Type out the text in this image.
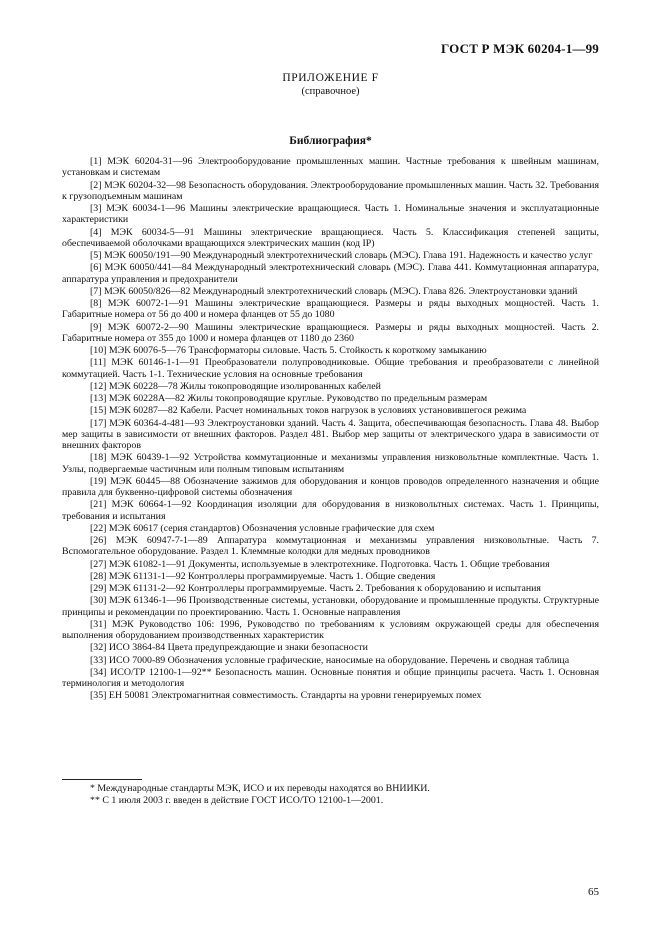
ГОСТ Р МЭК 60204-1—99
ПРИЛОЖЕНИЕ F
(справочное)
Библиография*

[1] МЭК 60204-31—96 Электрооборудование промышленных машин. Частные требования к швейным машинам, установкам и системам

[2] МЭК 60204-32—98 Безопасность оборудования. Электрооборудование промышленных машин. Часть 32. Требования к грузоподъемным машинам

[3] МЭК 60034-1—96 Машины электрические вращающиеся. Часть 1. Номинальные значения и эксплуатационные характеристики

[4] МЭК 60034-5—91 Машины электрические вращающиеся. Часть 5. Классификация степеней защиты, обеспечиваемой оболочками вращающихся электрических машин (код IP)

[5] МЭК 60050/191—90 Международный электротехнический словарь (МЭС). Глава 191. Надежность и качество услуг

[6] МЭК 60050/441—84 Международный электротехнический словарь (МЭС). Глава 441. Коммутационная аппаратура, аппаратура управления и предохранители

[7] МЭК 60050/826—82 Международный электротехнический словарь (МЭС). Глава 826. Электроустановки зданий

[8] МЭК 60072-1—91 Машины электрические вращающиеся. Размеры и ряды выходных мощностей. Часть 1. Габаритные номера от 56 до 400 и номера фланцев от 55 до 1080

[9] МЭК 60072-2—90 Машины электрические вращающиеся. Размеры и ряды выходных мощностей. Часть 2. Габаритные номера от 355 до 1000 и номера фланцев от 1180 до 2360

[10] МЭК 60076-5—76 Трансформаторы силовые. Часть 5. Стойкость к короткому замыканию

[11] МЭК 60146-1-1—91 Преобразователи полупроводниковые. Общие требования и преобразователи с линейной коммутацией. Часть 1-1. Технические условия на основные требования

[12] МЭК 60228—78 Жилы токопроводящие изолированных кабелей

[13] МЭК 60228А—82 Жилы токопроводящие круглые. Руководство по предельным размерам

[15] МЭК 60287—82 Кабели. Расчет номинальных токов нагрузок в условиях установившегося режима

[17] МЭК 60364-4-481—93 Электроустановки зданий. Часть 4. Защита, обеспечивающая безопасность. Глава 48. Выбор мер защиты в зависимости от внешних факторов. Раздел 481. Выбор мер защиты от электрического удара в зависимости от внешних факторов

[18] МЭК 60439-1—92 Устройства коммутационные и механизмы управления низковольтные комплектные. Часть 1. Узлы, подвергаемые частичным или полным типовым испытаниям

[19] МЭК 60445—88 Обозначение зажимов для оборудования и концов проводов определенного назначения и общие правила для буквенно-цифровой системы обозначения

[21] МЭК 60664-1—92 Координация изоляции для оборудования в низковольтных системах. Часть 1. Принципы, требования и испытания

[22] МЭК 60617 (серия стандартов) Обозначения условные графические для схем

[26] МЭК 60947-7-1—89 Аппаратура коммутационная и механизмы управления низковольтные. Часть 7. Вспомогательное оборудование. Раздел 1. Клеммные колодки для медных проводников

[27] МЭК 61082-1—91 Документы, используемые в электротехнике. Подготовка. Часть 1. Общие требования

[28] МЭК 61131-1—92 Контроллеры программируемые. Часть 1. Общие сведения

[29] МЭК 61131-2—92 Контроллеры программируемые. Часть 2. Требования к оборудованию и испытания

[30] МЭК 61346-1—96 Производственные системы, установки, оборудование и промышленные продукты. Структурные принципы и рекомендации по проектированию. Часть 1. Основные направления

[31] МЭК Руководство 106: 1996, Руководство по требованиям к условиям окружающей среды для обеспечения выполнения оборудованием производственных характеристик

[32] ИСО 3864-84 Цвета предупреждающие и знаки безопасности

[33] ИСО 7000-89 Обозначения условные графические, наносимые на оборудование. Перечень и сводная таблица

[34] ИСО/ТР 12100-1—92** Безопасность машин. Основные понятия и общие принципы расчета. Часть 1. Основная терминология и методология

[35] ЕН 50081 Электромагнитная совместимость. Стандарты на уровни генерируемых помех

* Международные стандарты МЭК, ИСО и их переводы находятся во ВНИИКИ.
** С 1 июля 2003 г. введен в действие ГОСТ ИСО/ТО 12100-1—2001.
65
